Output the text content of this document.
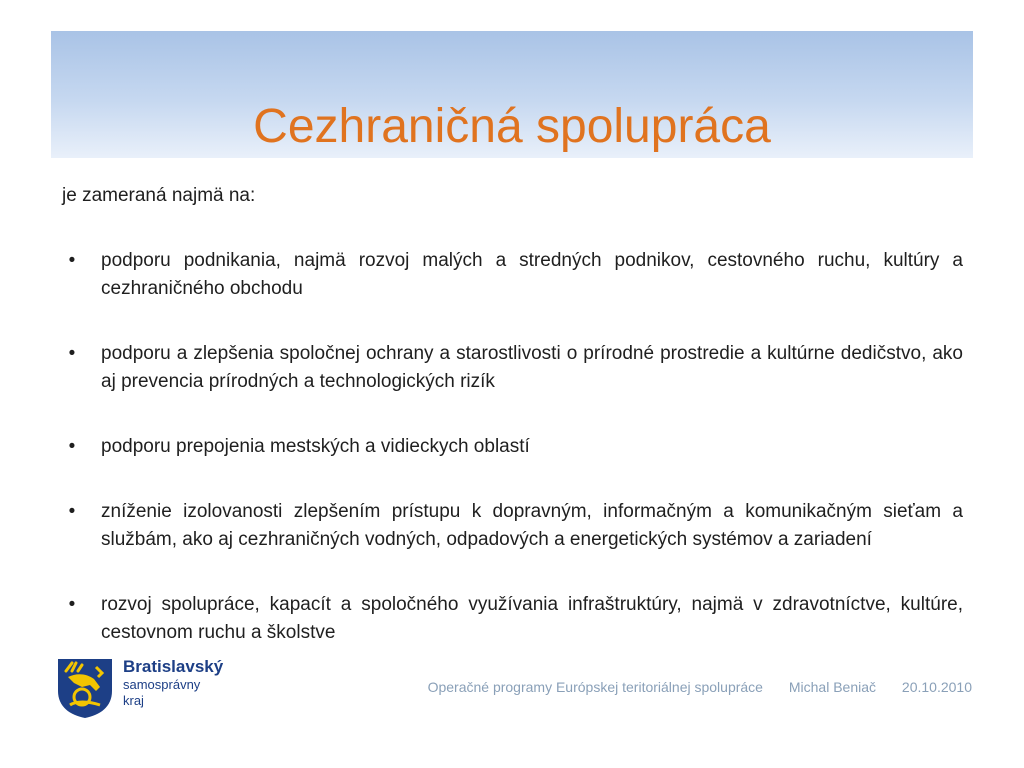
Cezhraničná spolupráca

je zameraná najmä na:

•	podporu podnikania, najmä rozvoj malých a stredných podnikov, cestovného ruchu, kultúry a cezhraničného obchodu
•	podporu a zlepšenia spoločnej ochrany a starostlivosti o prírodné prostredie a kultúrne dedičstvo, ako aj prevencia prírodných a technologických rizík
•	podporu prepojenia mestských a vidieckych oblastí
•	zníženie izolovanosti zlepšením prístupu k dopravným, informačným a komunikačným sieťam a službám, ako aj cezhraničných vodných, odpadových a energetických systémov a zariadení
•	rozvoj spolupráce, kapacít a spoločného využívania infraštruktúry, najmä v zdravotníctve, kultúre, cestovnom ruchu a školstve
Bratislavský
samosprávny
kraj
Operačné programy Európskej teritoriálnej spolupráce Michal Beniač 20.10.2010
